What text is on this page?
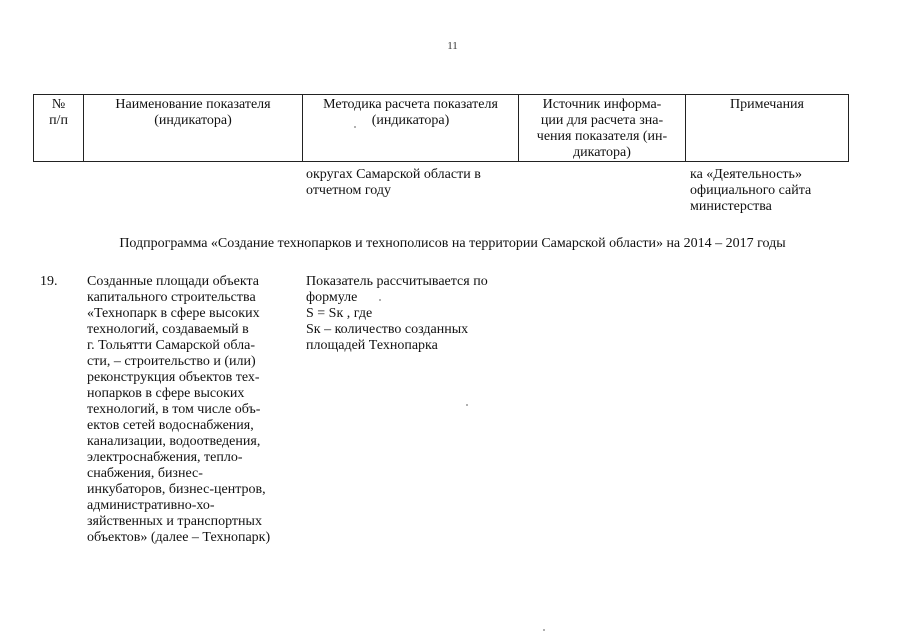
11
№
п/п
Наименование показателя
(индикатора)
Методика расчета показателя
(индикатора)
Источник информа-
ции для расчета зна-
чения показателя (ин-
дикатора)
Примечания
округах Самарской области в
отчетном году
ка «Деятельность»
официального сайта
министерства
Подпрограмма «Создание технопарков и технополисов на территории Самарской области» на 2014 – 2017 годы
19. Созданные площади объекта
капитального строительства
«Технопарк в сфере высоких
технологий, создаваемый в
г. Тольятти Самарской обла-
сти, – строительство и (или)
реконструкция объектов тех-
нопарков в сфере высоких
технологий, в том числе объ-
ектов сетей водоснабжения,
канализации, водоотведения,
электроснабжения, тепло-
снабжения, бизнес-
инкубаторов, бизнес-центров,
административно-хо-
зяйственных и транспортных
объектов» (далее – Технопарк)
Показатель рассчитывается по
формуле
S = Sк , где
Sк – количество созданных
площадей Технопарка
